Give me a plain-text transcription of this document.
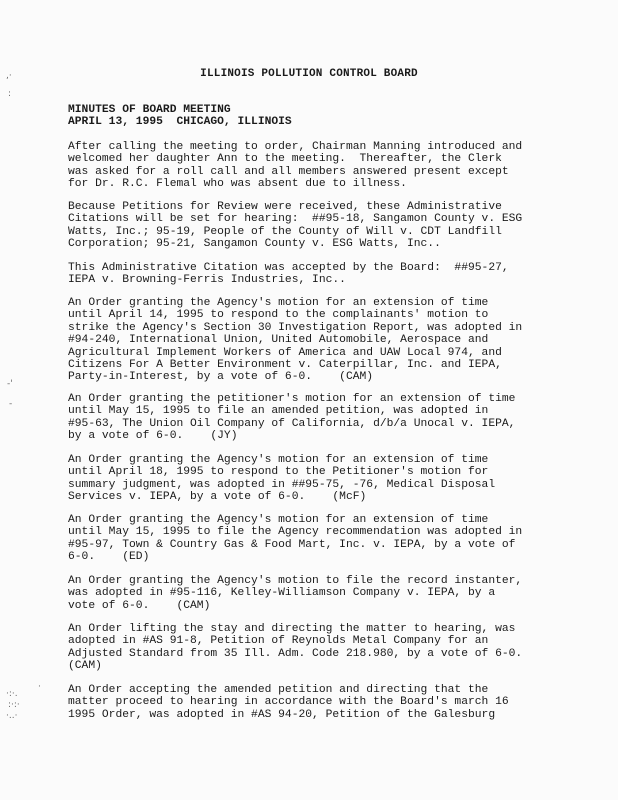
,·
:
-'
-
·:·.
:·:·
·..·
·
ILLINOIS POLLUTION CONTROL BOARD
MINUTES OF BOARD MEETING
APRIL 13, 1995  CHICAGO, ILLINOIS
After calling the meeting to order, Chairman Manning introduced and
welcomed her daughter Ann to the meeting.  Thereafter, the Clerk
was asked for a roll call and all members answered present except
for Dr. R.C. Flemal who was absent due to illness.
Because Petitions for Review were received, these Administrative
Citations will be set for hearing:  ##95-18, Sangamon County v. ESG
Watts, Inc.; 95-19, People of the County of Will v. CDT Landfill
Corporation; 95-21, Sangamon County v. ESG Watts, Inc..
This Administrative Citation was accepted by the Board:  ##95-27,
IEPA v. Browning-Ferris Industries, Inc..
An Order granting the Agency's motion for an extension of time
until April 14, 1995 to respond to the complainants' motion to
strike the Agency's Section 30 Investigation Report, was adopted in
#94-240, International Union, United Automobile, Aerospace and
Agricultural Implement Workers of America and UAW Local 974, and
Citizens For A Better Environment v. Caterpillar, Inc. and IEPA,
Party-in-Interest, by a vote of 6-0.    (CAM)
An Order granting the petitioner's motion for an extension of time
until May 15, 1995 to file an amended petition, was adopted in
#95-63, The Union Oil Company of California, d/b/a Unocal v. IEPA,
by a vote of 6-0.    (JY)
An Order granting the Agency's motion for an extension of time
until April 18, 1995 to respond to the Petitioner's motion for
summary judgment, was adopted in ##95-75, -76, Medical Disposal
Services v. IEPA, by a vote of 6-0.    (McF)
An Order granting the Agency's motion for an extension of time
until May 15, 1995 to file the Agency recommendation was adopted in
#95-97, Town & Country Gas & Food Mart, Inc. v. IEPA, by a vote of
6-0.    (ED)
An Order granting the Agency's motion to file the record instanter,
was adopted in #95-116, Kelley-Williamson Company v. IEPA, by a
vote of 6-0.    (CAM)
An Order lifting the stay and directing the matter to hearing, was
adopted in #AS 91-8, Petition of Reynolds Metal Company for an
Adjusted Standard from 35 Ill. Adm. Code 218.980, by a vote of 6-0.
(CAM)
An Order accepting the amended petition and directing that the
matter proceed to hearing in accordance with the Board's march 16
1995 Order, was adopted in #AS 94-20, Petition of the Galesburg
